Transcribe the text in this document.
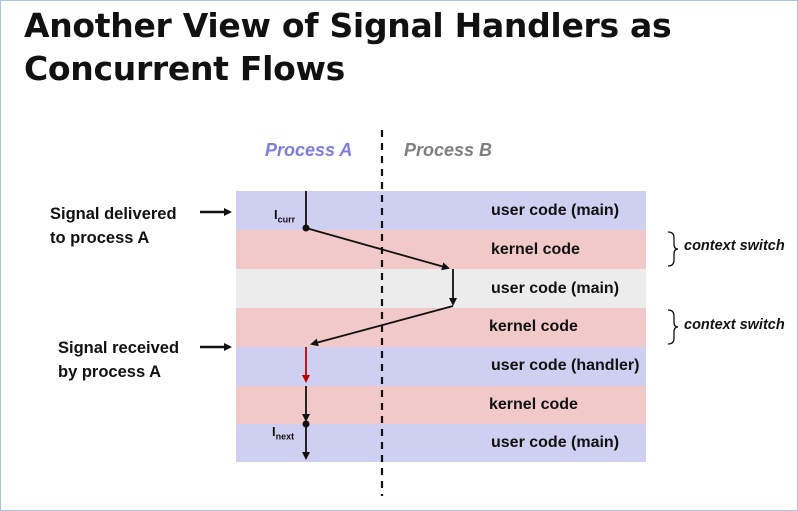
Another View of Signal Handlers as
Concurrent Flows
Process A	Process B
user code (main)
kernel code
user code (main)
kernel code
user code (handler)
kernel code
user code (main)
Signal delivered
to process A
Signal received
by process A
context switch
context switch
$I_{curr}$
$I_{next}$
